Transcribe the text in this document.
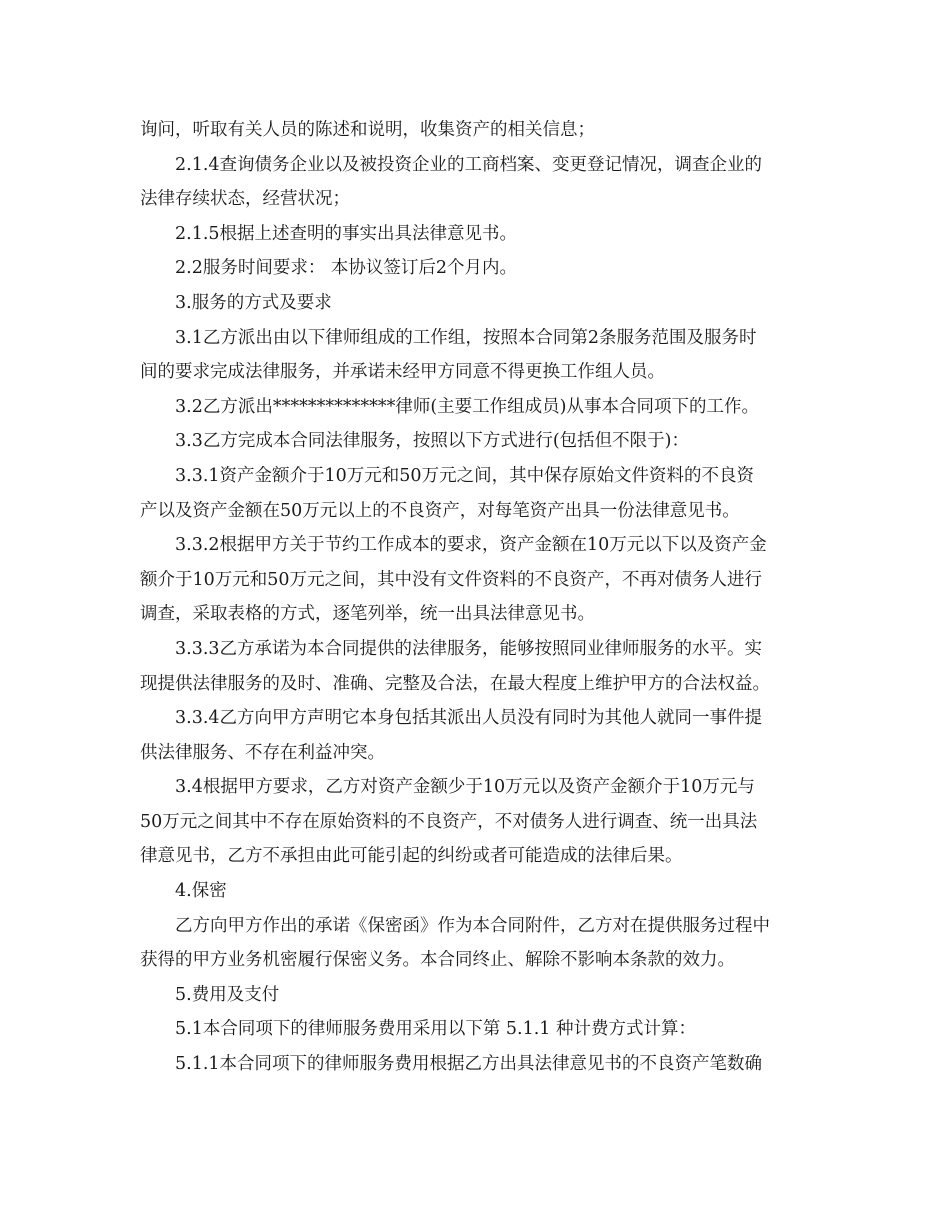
询问，听取有关人员的陈述和说明，收集资产的相关信息；
2.1.4查询债务企业以及被投资企业的工商档案、变更登记情况，调查企业的
法律存续状态，经营状况；
2.1.5根据上述查明的事实出具法律意见书。
2.2服务时间要求： 本协议签订后2个月内。
3.服务的方式及要求
3.1乙方派出由以下律师组成的工作组，按照本合同第2条服务范围及服务时
间的要求完成法律服务，并承诺未经甲方同意不得更换工作组人员。
3.2乙方派出**************律师(主要工作组成员)从事本合同项下的工作。
3.3乙方完成本合同法律服务，按照以下方式进行(包括但不限于)：
3.3.1资产金额介于10万元和50万元之间，其中保存原始文件资料的不良资
产以及资产金额在50万元以上的不良资产，对每笔资产出具一份法律意见书。
3.3.2根据甲方关于节约工作成本的要求，资产金额在10万元以下以及资产金
额介于10万元和50万元之间，其中没有文件资料的不良资产，不再对债务人进行
调查，采取表格的方式，逐笔列举，统一出具法律意见书。
3.3.3乙方承诺为本合同提供的法律服务，能够按照同业律师服务的水平。实
现提供法律服务的及时、准确、完整及合法，在最大程度上维护甲方的合法权益。
3.3.4乙方向甲方声明它本身包括其派出人员没有同时为其他人就同一事件提
供法律服务、不存在利益冲突。
3.4根据甲方要求，乙方对资产金额少于10万元以及资产金额介于10万元与
50万元之间其中不存在原始资料的不良资产，不对债务人进行调查、统一出具法
律意见书，乙方不承担由此可能引起的纠纷或者可能造成的法律后果。
4.保密
乙方向甲方作出的承诺《保密函》作为本合同附件，乙方对在提供服务过程中
获得的甲方业务机密履行保密义务。本合同终止、解除不影响本条款的效力。
5.费用及支付
5.1本合同项下的律师服务费用采用以下第 5.1.1 种计费方式计算：
5.1.1本合同项下的律师服务费用根据乙方出具法律意见书的不良资产笔数确
